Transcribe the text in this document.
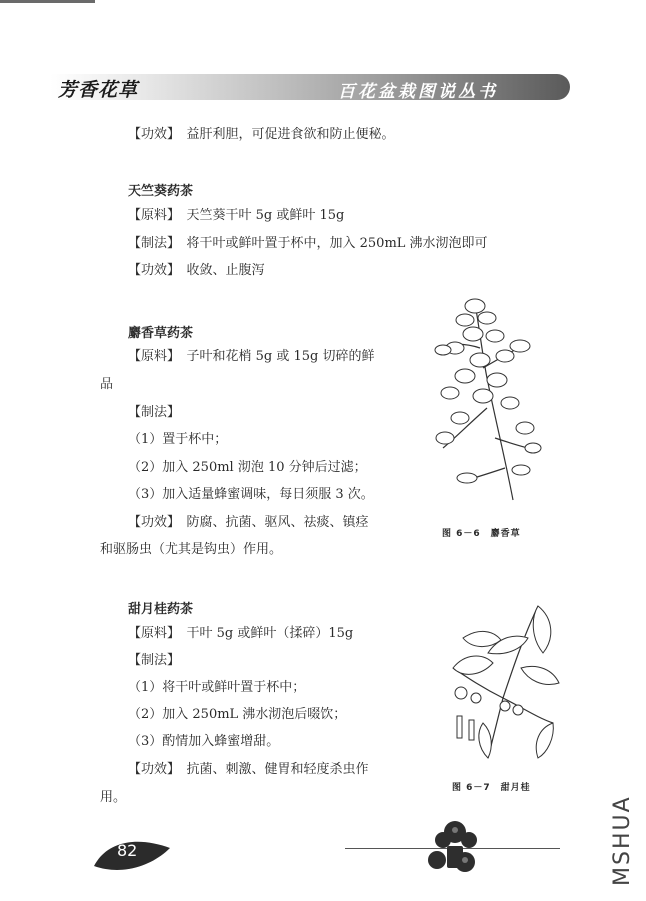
芳香花草	百花盆栽图说丛书
【功效】　益肝利胆，可促进食欲和防止便秘。
天竺葵药茶
【原料】　天竺葵干叶 5g 或鲜叶 15g
【制法】　将干叶或鲜叶置于杯中，加入 250mL 沸水沏泡即可
【功效】　收敛、止腹泻
麝香草药茶
【原料】　子叶和花梢 5g 或 15g 切碎的鲜
品
【制法】
（1）置于杯中；
（2）加入 250ml 沏泡 10 分钟后过滤；
（3）加入适量蜂蜜调味，每日须服 3 次。
【功效】　防腐、抗菌、驱风、祛痰、镇痉
和驱肠虫（尤其是钩虫）作用。
图 6－6　麝香草
甜月桂药茶
【原料】　干叶 5g 或鲜叶（揉碎）15g
【制法】
（1）将干叶或鲜叶置于杯中；
（2）加入 250mL 沸水沏泡后啜饮；
（3）酌情加入蜂蜜增甜。
【功效】　抗菌、刺激、健胃和轻度杀虫作
用。
图 6－7　甜月桂
82	MSHUA
